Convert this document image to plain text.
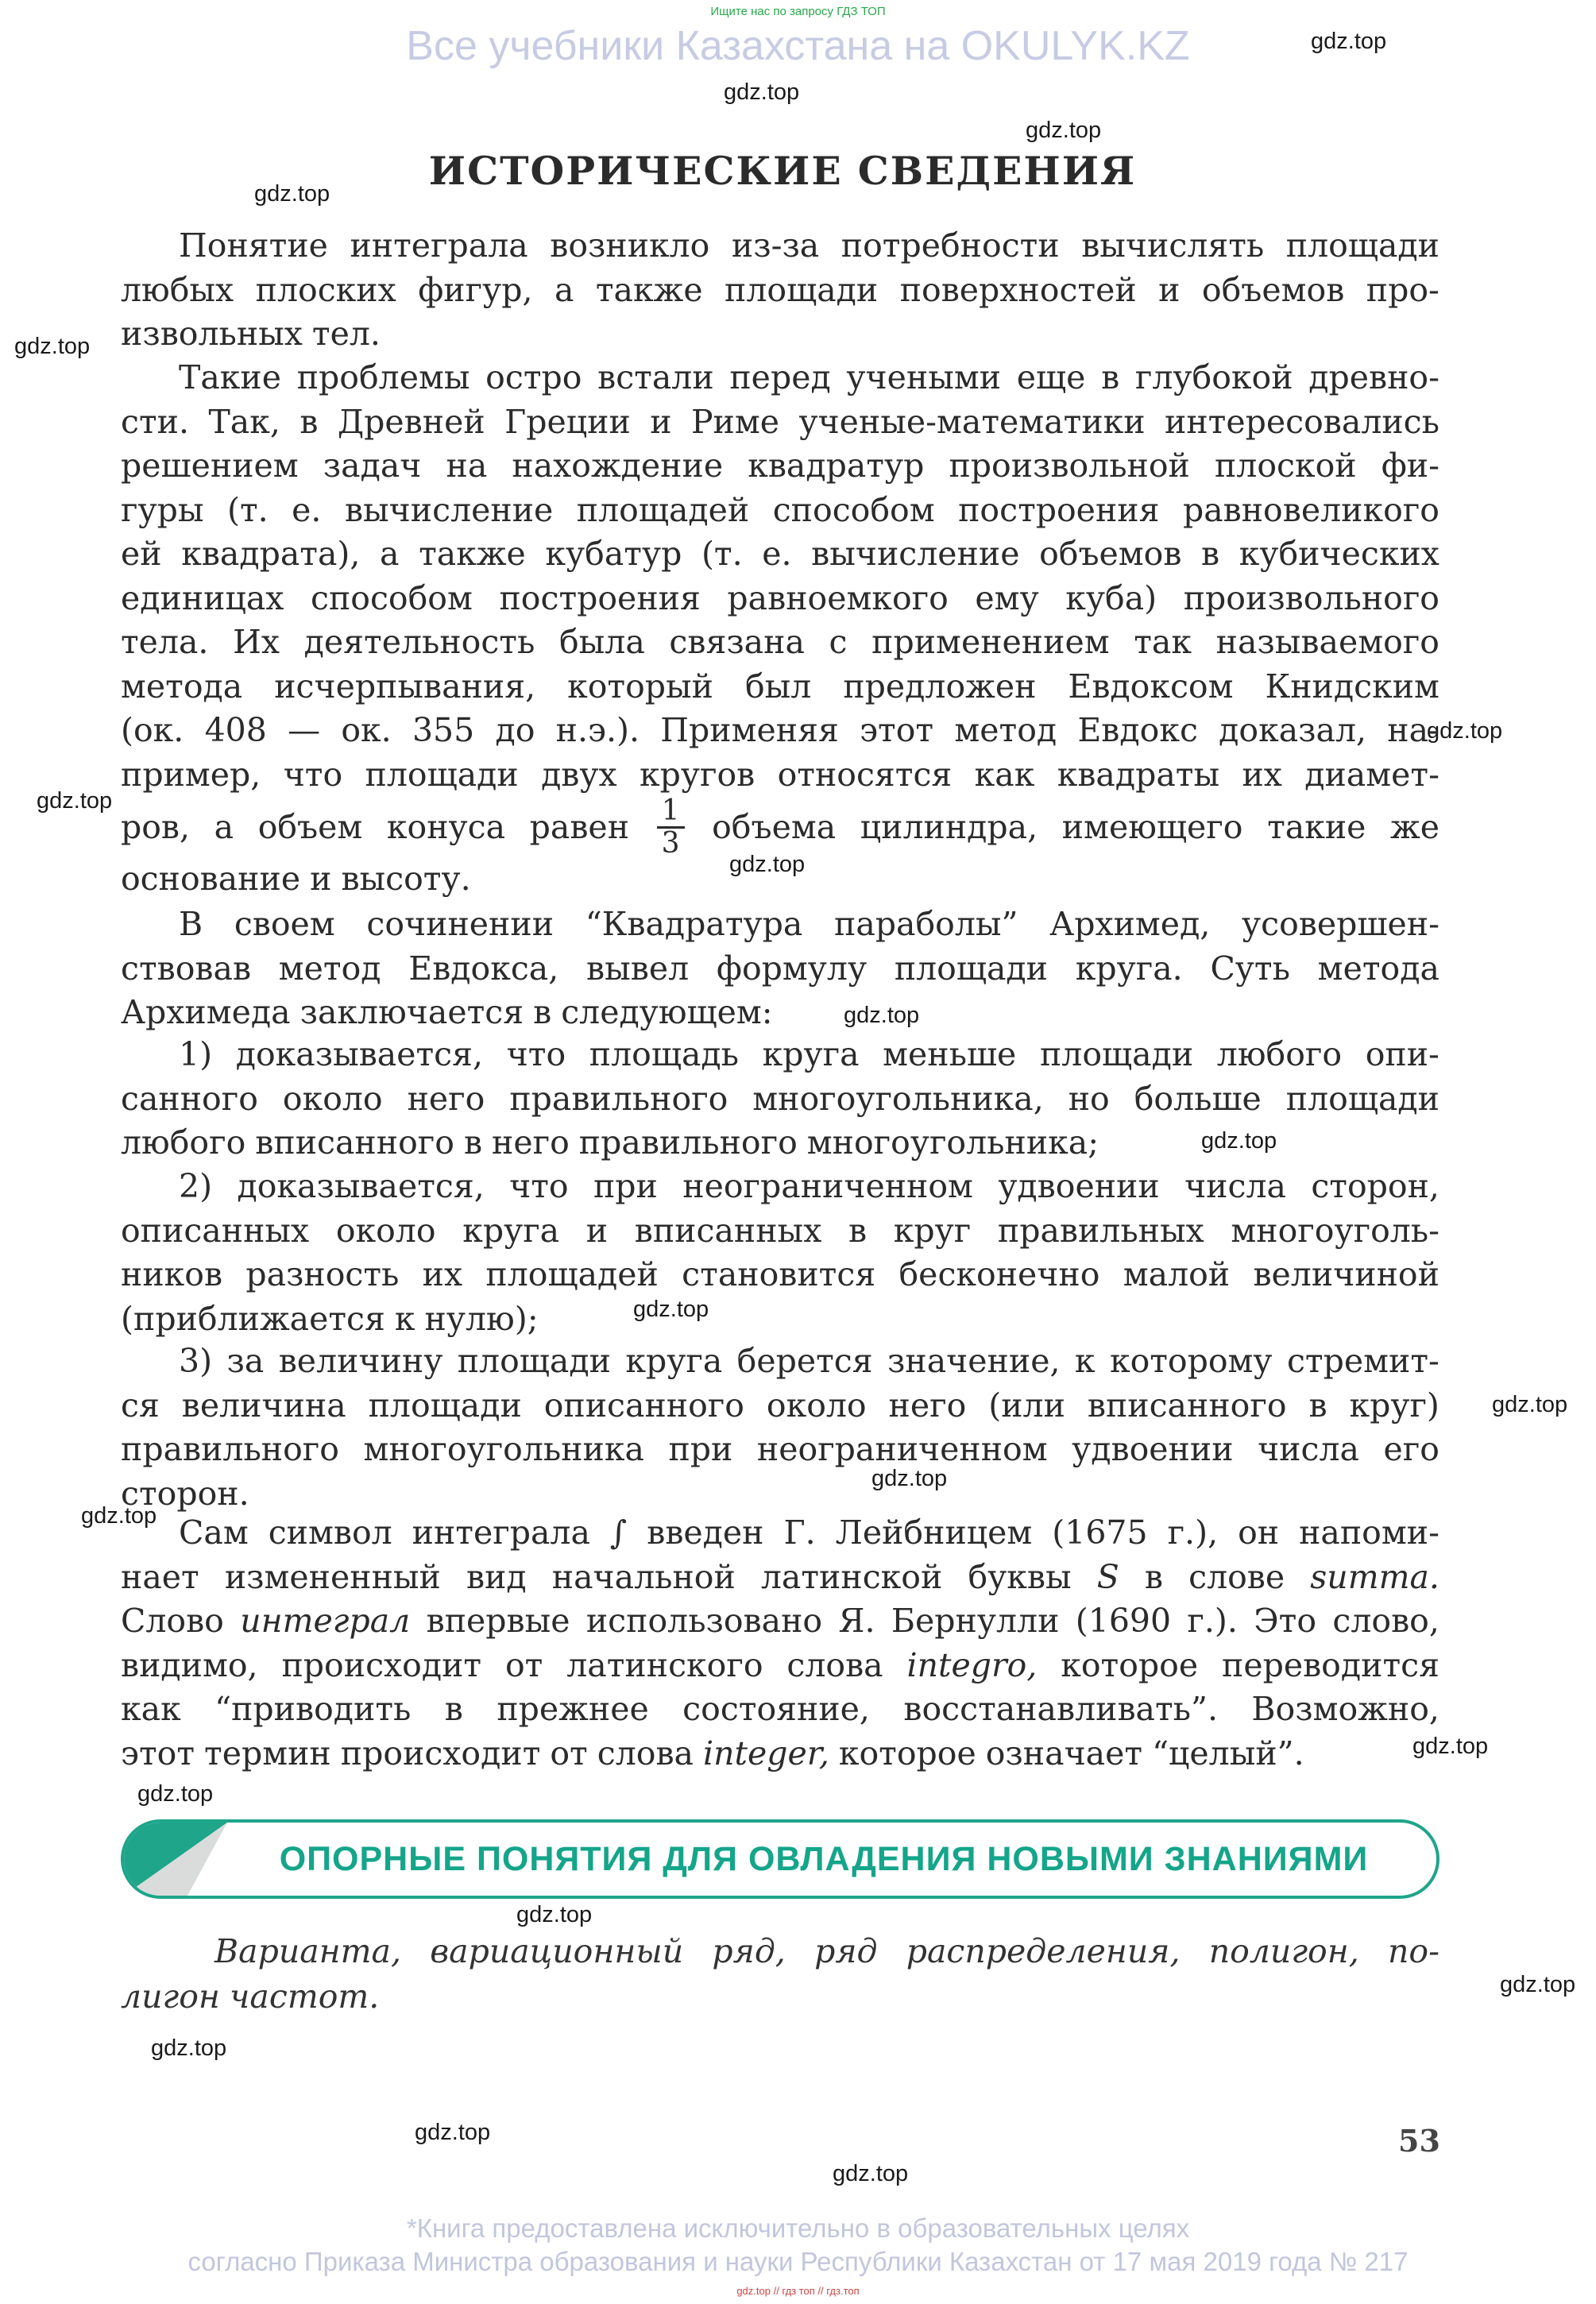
Ищите нас по запросу ГДЗ ТОП
Все учебники Казахстана на OKULYK.KZ	gdz.top
gdz.top
gdz.top
gdz.top
gdz.top
gdz.top
gdz.top
gdz.top
gdz.top
gdz.top
gdz.top
gdz.top
gdz.top
gdz.top
gdz.top
gdz.top
gdz.top
gdz.top
gdz.top
gdz.top
gdz.top
ИСТОРИЧЕСКИЕ СВЕДЕНИЯ
Понятие интеграла возникло из-за потребности вычислять площади
любых плоских фигур, а также площади поверхностей и объемов про-
извольных тел.
Такие проблемы остро встали перед учеными еще в глубокой древно-
сти. Так, в Древней Греции и Риме ученые-математики интересовались
решением задач на нахождение квадратур произвольной плоской фи-
гуры (т. е. вычисление площадей способом построения равновеликого
ей квадрата), а также кубатур (т. е. вычисление объемов в кубических
единицах способом построения равноемкого ему куба) произвольного
тела. Их деятельность была связана с применением так называемого
метода исчерпывания, который был предложен Евдоксом Книдским
(ок. 408 — ок. 355 до н.э.). Применяя этот метод Евдокс доказал, на-
пример, что площади двух кругов относятся как квадраты их диамет-
ров, а объем конуса равен $\frac{1}{3}$ объема цилиндра, имеющего такие же
основание и высоту.
В своем сочинении “Квадратура параболы” Архимед, усовершен-
ствовав метод Евдокса, вывел формулу площади круга. Суть метода
Архимеда заключается в следующем:
1) доказывается, что площадь круга меньше площади любого опи-
санного около него правильного многоугольника, но больше площади
любого вписанного в него правильного многоугольника;
2) доказывается, что при неограниченном удвоении числа сторон,
описанных около круга и вписанных в круг правильных многоуголь-
ников разность их площадей становится бесконечно малой величиной
(приближается к нулю);
3) за величину площади круга берется значение, к которому стремит-
ся величина площади описанного около него (или вписанного в круг)
правильного многоугольника при неограниченном удвоении числа его
сторон.
Сам символ интеграла ∫ введен Г. Лейбницем (1675 г.), он напоми-
нает измененный вид начальной латинской буквы S в слове summa.
Слово интеграл впервые использовано Я. Бернулли (1690 г.). Это слово,
видимо, происходит от латинского слова integro, которое переводится
как “приводить в прежнее состояние, восстанавливать”. Возможно,
этот термин происходит от слова integer, которое означает “целый”.
ОПОРНЫЕ ПОНЯТИЯ ДЛЯ ОВЛАДЕНИЯ НОВЫМИ ЗНАНИЯМИ
Варианта, вариационный ряд, ряд распределения, полигон, по-
лигон частот.
53
*Книга предоставлена исключительно в образовательных целях
согласно Приказа Министра образования и науки Республики Казахстан от 17 мая 2019 года № 217
gdz.top // гдз топ // гдз.топ
